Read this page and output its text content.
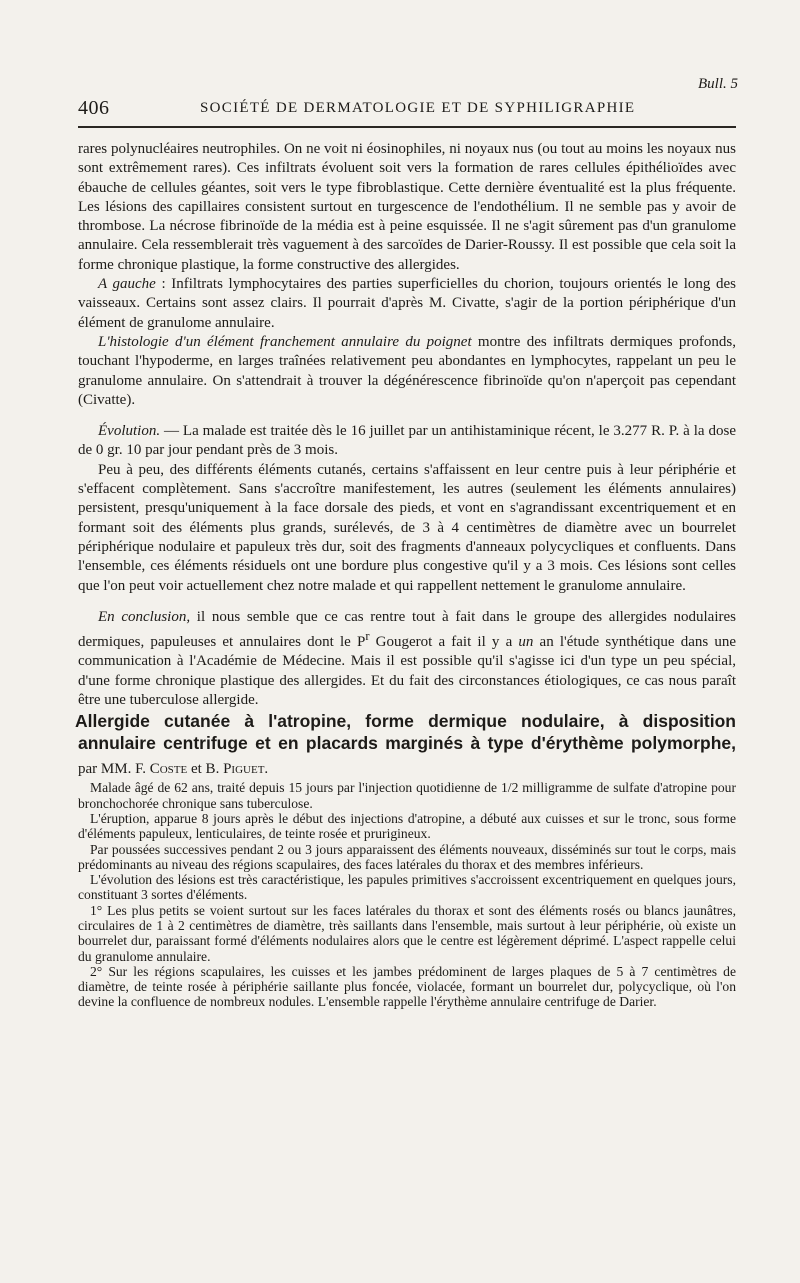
Bull. 5
406	SOCIÉTÉ DE DERMATOLOGIE ET DE SYPHILIGRAPHIE

rares polynucléaires neutrophiles. On ne voit ni éosinophiles, ni noyaux nus (ou tout au moins les noyaux nus sont extrêmement rares). Ces infiltrats évoluent soit vers la formation de rares cellules épithélioïdes avec ébauche de cellules géantes, soit vers le type fibroblastique. Cette dernière éventualité est la plus fréquente. Les lésions des capillaires consistent surtout en turgescence de l'endothélium. Il ne semble pas y avoir de thrombose. La nécrose fibrinoïde de la média est à peine esquissée. Il ne s'agit sûrement pas d'un granulome annulaire. Cela ressemblerait très vaguement à des sarcoïdes de Darier-Roussy. Il est possible que cela soit la forme chronique plastique, la forme constructive des allergides.

A gauche : Infiltrats lymphocytaires des parties superficielles du chorion, toujours orientés le long des vaisseaux. Certains sont assez clairs. Il pourrait d'après M. Civatte, s'agir de la portion périphérique d'un élément de granulome annulaire.

L'histologie d'un élément franchement annulaire du poignet montre des infiltrats dermiques profonds, touchant l'hypoderme, en larges traînées relativement peu abondantes en lymphocytes, rappelant un peu le granulome annulaire. On s'attendrait à trouver la dégénérescence fibrinoïde qu'on n'aperçoit pas cependant (Civatte).

Évolution. — La malade est traitée dès le 16 juillet par un antihistaminique récent, le 3.277 R. P. à la dose de 0 gr. 10 par jour pendant près de 3 mois.

Peu à peu, des différents éléments cutanés, certains s'affaissent en leur centre puis à leur périphérie et s'effacent complètement. Sans s'accroître manifestement, les autres (seulement les éléments annulaires) persistent, presqu'uniquement à la face dorsale des pieds, et vont en s'agrandissant excentriquement et en formant soit des éléments plus grands, surélevés, de 3 à 4 centimètres de diamètre avec un bourrelet périphérique nodulaire et papuleux très dur, soit des fragments d'anneaux polycycliques et confluents. Dans l'ensemble, ces éléments résiduels ont une bordure plus congestive qu'il y a 3 mois. Ces lésions sont celles que l'on peut voir actuellement chez notre malade et qui rappellent nettement le granulome annulaire.

En conclusion, il nous semble que ce cas rentre tout à fait dans le groupe des allergides nodulaires dermiques, papuleuses et annulaires dont le $P^r$ Gougerot a fait il y a un an l'étude synthétique dans une communication à l'Académie de Médecine. Mais il est possible qu'il s'agisse ici d'un type un peu spécial, d'une forme chronique plastique des allergides. Et du fait des circonstances étiologiques, ce cas nous paraît être une tuberculose allergide.

Allergide cutanée à l'atropine, forme dermique nodulaire, à disposition annulaire centrifuge et en placards marginés à type d'érythème polymorphe, par MM. F. Coste et B. Piguet.

Malade âgé de 62 ans, traité depuis 15 jours par l'injection quotidienne de 1/2 milligramme de sulfate d'atropine pour bronchochorée chronique sans tuberculose.

L'éruption, apparue 8 jours après le début des injections d'atropine, a débuté aux cuisses et sur le tronc, sous forme d'éléments papuleux, lenticulaires, de teinte rosée et prurigineux.

Par poussées successives pendant 2 ou 3 jours apparaissent des éléments nouveaux, disséminés sur tout le corps, mais prédominants au niveau des régions scapulaires, des faces latérales du thorax et des membres inférieurs.

L'évolution des lésions est très caractéristique, les papules primitives s'accroissent excentriquement en quelques jours, constituant 3 sortes d'éléments.

1° Les plus petits se voient surtout sur les faces latérales du thorax et sont des éléments rosés ou blancs jaunâtres, circulaires de 1 à 2 centimètres de diamètre, très saillants dans l'ensemble, mais surtout à leur périphérie, où existe un bourrelet dur, paraissant formé d'éléments nodulaires alors que le centre est légèrement déprimé. L'aspect rappelle celui du granulome annulaire.

2° Sur les régions scapulaires, les cuisses et les jambes prédominent de larges plaques de 5 à 7 centimètres de diamètre, de teinte rosée à périphérie saillante plus foncée, violacée, formant un bourrelet dur, polycyclique, où l'on devine la confluence de nombreux nodules. L'ensemble rappelle l'érythème annulaire centrifuge de Darier.
